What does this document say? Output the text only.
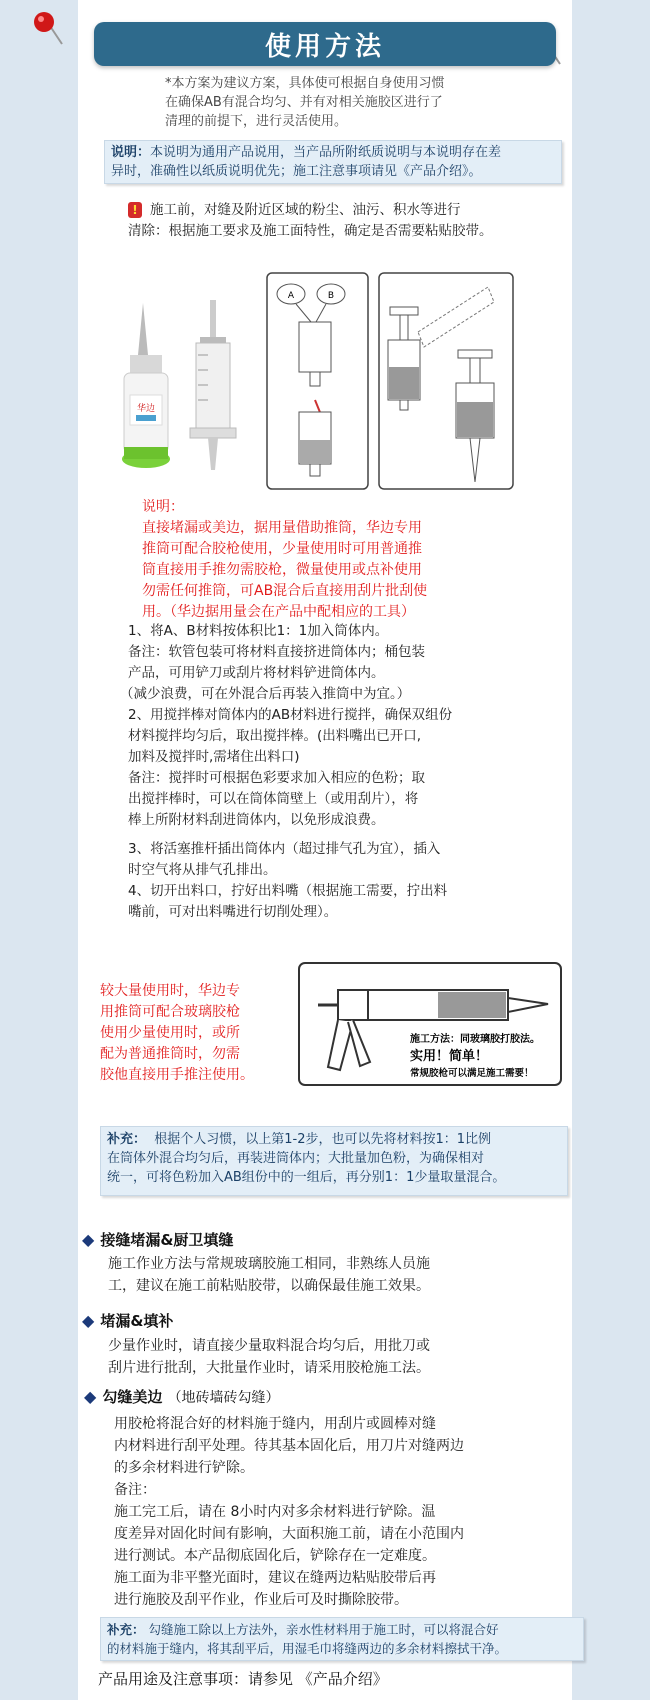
使用方法
*本方案为建议方案，具体使可根据自身使用习惯
在确保AB有混合均匀、并有对相关施胶区进行了
清理的前提下，进行灵活使用。
说明：本说明为通用产品说用，当产品所附纸质说明与本说明存在差
异时，准确性以纸质说明优先；施工注意事项请见《产品介绍》。
! 施工前，对缝及附近区域的粉尘、油污、积水等进行
清除：根据施工要求及施工面特性，确定是否需要粘贴胶带。
华边
A	B
说明：
直接堵漏或美边，据用量借助推筒，华边专用
推筒可配合胶枪使用，少量使用时可用普通推
筒直接用手推勿需胶枪，微量使用或点补使用
勿需任何推筒，可AB混合后直接用刮片批刮使
用。（华边据用量会在产品中配相应的工具）
1、将A、B材料按体积比1：1加入筒体内。
备注：软管包装可将材料直接挤进筒体内；桶包装
产品，可用铲刀或刮片将材料铲进筒体内。
（减少浪费，可在外混合后再装入推筒中为宜。）
2、用搅拌棒对筒体内的AB材料进行搅拌，确保双组份
材料搅拌均匀后，取出搅拌棒。(出料嘴出已开口,
加料及搅拌时,需堵住出料口)
备注：搅拌时可根据色彩要求加入相应的色粉；取
出搅拌棒时，可以在筒体筒壁上（或用刮片），将
棒上所附材料刮进筒体内，以免形成浪费。
3、将活塞推杆插出筒体内（超过排气孔为宜），插入
时空气将从排气孔排出。
4、切开出料口，拧好出料嘴（根据施工需要，拧出料
嘴前，可对出料嘴进行切削处理）。
较大量使用时，华边专
用推筒可配合玻璃胶枪
使用少量使用时，或所
配为普通推筒时，勿需
胶他直接用手推注使用。
施工方法：同玻璃胶打胶法。
实用！简单！
常规胶枪可以满足施工需要！
补充： 根据个人习惯，以上第1-2步，也可以先将材料按1：1比例
在筒体外混合均匀后，再装进筒体内；大批量加色粉，为确保相对
统一，可将色粉加入AB组份中的一组后，再分别1：1少量取量混合。
◆ 接缝堵漏&厨卫填缝
施工作业方法与常规玻璃胶施工相同，非熟练人员施
工，建议在施工前粘贴胶带，以确保最佳施工效果。
◆ 堵漏&填补
少量作业时，请直接少量取料混合均匀后，用批刀或
刮片进行批刮，大批量作业时，请采用胶枪施工法。
◆ 勾缝美边 （地砖墙砖勾缝）
用胶枪将混合好的材料施于缝内，用刮片或圆棒对缝
内材料进行刮平处理。待其基本固化后，用刀片对缝两边
的多余材料进行铲除。
备注：
施工完工后，请在 8小时内对多余材料进行铲除。温
度差异对固化时间有影响，大面积施工前，请在小范围内
进行测试。本产品彻底固化后，铲除存在一定难度。
施工面为非平整光面时，建议在缝两边粘贴胶带后再
进行施胶及刮平作业，作业后可及时撕除胶带。
补充： 勾缝施工除以上方法外，亲水性材料用于施工时，可以将混合好
的材料施于缝内，将其刮平后，用湿毛巾将缝两边的多余材料擦拭干净。
产品用途及注意事项：请参见 《产品介绍》
